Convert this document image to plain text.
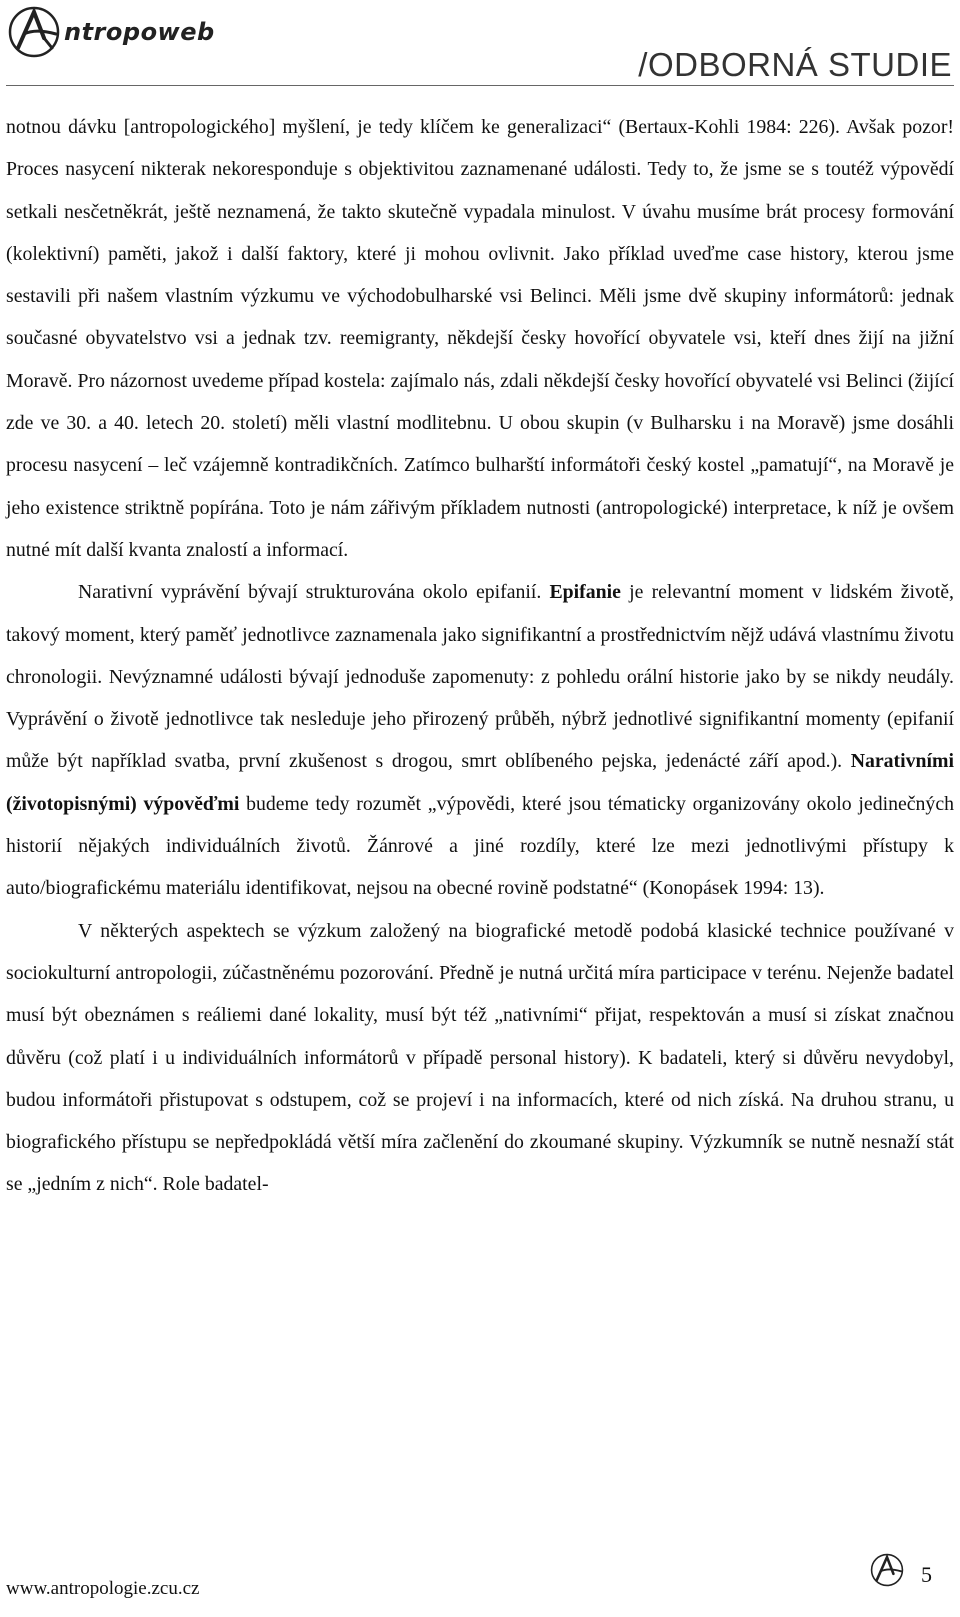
ntropoweb
/ODBORNÁ STUDIE

notnou dávku [antropologického] myšlení, je tedy klíčem ke generalizaci“ (Bertaux-Kohli 1984: 226). Avšak pozor! Proces nasycení nikterak nekoresponduje s objektivitou zaznamenané události. Tedy to, že jsme se s toutéž výpovědí setkali nesčetněkrát, ještě neznamená, že takto skutečně vypadala minulost. V úvahu musíme brát procesy formování (kolektivní) paměti, jakož i další faktory, které ji mohou ovlivnit. Jako příklad uveďme case history, kterou jsme sestavili při našem vlastním výzkumu ve východobulharské vsi Belinci. Měli jsme dvě skupiny informátorů: jednak současné obyvatelstvo vsi a jednak tzv. reemigranty, někdejší česky hovořící obyvatele vsi, kteří dnes žijí na jižní Moravě. Pro názornost uvedeme případ kostela: zajímalo nás, zdali někdejší česky hovořící obyvatelé vsi Belinci (žijící zde ve 30. a 40. letech 20. století) měli vlastní modlitebnu. U obou skupin (v Bulharsku i na Moravě) jsme dosáhli procesu nasycení – leč vzájemně kontradikčních. Zatímco bulharští informátoři český kostel „pamatují“, na Moravě je jeho existence striktně popírána. Toto je nám zářivým příkladem nutnosti (antropologické) interpretace, k níž je ovšem nutné mít další kvanta znalostí a informací.

Narativní vyprávění bývají strukturována okolo epifanií. Epifanie je relevantní moment v lidském životě, takový moment, který paměť jednotlivce zaznamenala jako signifikantní a prostřednictvím nějž udává vlastnímu životu chronologii. Nevýznamné události bývají jednoduše zapomenuty: z pohledu orální historie jako by se nikdy neudály. Vyprávění o životě jednotlivce tak nesleduje jeho přirozený průběh, nýbrž jednotlivé signifikantní momenty (epifanií může být například svatba, první zkušenost s drogou, smrt oblíbeného pejska, jedenácté září apod.). Narativními (životopisnými) výpověďmi budeme tedy rozumět „výpovědi, které jsou tématicky organizovány okolo jedinečných historií nějakých individuálních životů. Žánrové a jiné rozdíly, které lze mezi jednotlivými přístupy k auto/biografickému materiálu identifikovat, nejsou na obecné rovině podstatné“ (Konopásek 1994: 13).

V některých aspektech se výzkum založený na biografické metodě podobá klasické technice používané v sociokulturní antropologii, zúčastněnému pozorování. Předně je nutná určitá míra participace v terénu. Nejenže badatel musí být obeznámen s reáliemi dané lokality, musí být též „nativními“ přijat, respektován a musí si získat značnou důvěru (což platí i u individuálních informátorů v případě personal history). K badateli, který si důvěru nevydobyl, budou informátoři přistupovat s odstupem, což se projeví i na informacích, které od nich získá. Na druhou stranu, u biografického přístupu se nepředpokládá větší míra začlenění do zkoumané skupiny. Výzkumník se nutně nesnaží stát se „jedním z nich“. Role badatel-

www.antropologie.zcu.cz
5
